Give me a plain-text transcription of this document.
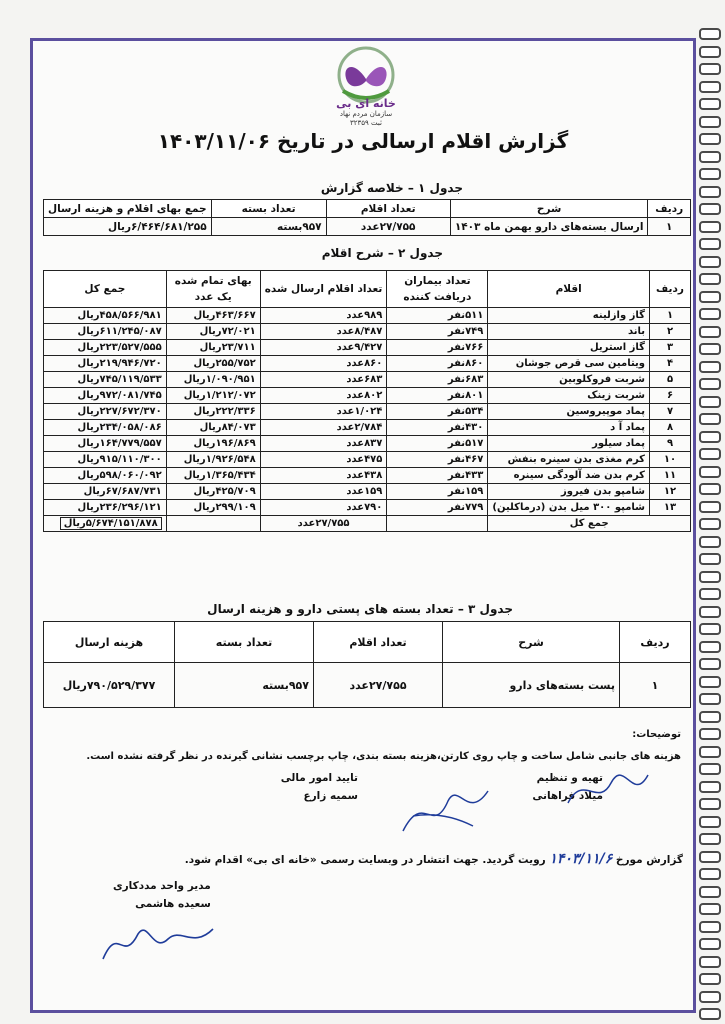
خانه ای بی
سازمان مردم نهاد
ثبت ۳۲۳۵۹
گزارش اقلام ارسالی در تاریخ ۱۴۰۳/۱۱/۰۶
جدول ۱ – خلاصه گزارش
ردیف	شرح	تعداد اقلام	تعداد بسته	جمع بهای اقلام و هزینه ارسال
۱	ارسال بسته‌های دارو بهمن ماه ۱۴۰۳	۲۷/۷۵۵عدد	۹۵۷بسته	۶/۴۶۴/۶۸۱/۲۵۵ریال
جدول ۲ – شرح اقلام
ردیف	اقلام	تعداد بیماران دریافت کننده	تعداد اقلام ارسال شده	بهای تمام شده یک عدد	جمع کل
۱	گاز وازلینه	۵۱۱نفر	۹۸۹عدد	۴۶۳/۶۶۷ریال	۴۵۸/۵۶۶/۹۸۱ریال
۲	باند	۷۴۹نفر	۸/۴۸۷عدد	۷۲/۰۲۱ریال	۶۱۱/۲۴۵/۰۸۷ریال
۳	گاز استریل	۷۶۶نفر	۹/۴۲۷عدد	۲۳/۷۱۱ریال	۲۲۳/۵۲۷/۵۵۵ریال
۴	ویتامین سی قرص جوشان	۸۶۰نفر	۸۶۰عدد	۲۵۵/۷۵۲ریال	۲۱۹/۹۴۶/۷۲۰ریال
۵	شربت فروکلوبین	۶۸۳نفر	۶۸۳عدد	۱/۰۹۰/۹۵۱ریال	۷۴۵/۱۱۹/۵۳۳ریال
۶	شربت زینک	۸۰۱نفر	۸۰۲عدد	۱/۲۱۲/۰۷۲ریال	۹۷۲/۰۸۱/۷۴۵ریال
۷	پماد موپیروسین	۵۳۴نفر	۱/۰۲۴عدد	۲۲۲/۳۳۶ریال	۲۲۷/۶۷۲/۳۷۰ریال
۸	پماد آ د	۴۳۰نفر	۲/۷۸۴عدد	۸۴/۰۷۳ریال	۲۳۴/۰۵۸/۰۸۶ریال
۹	پماد سیلور	۵۱۷نفر	۸۳۷عدد	۱۹۶/۸۶۹ریال	۱۶۴/۷۷۹/۵۵۷ریال
۱۰	کرم مغذی بدن سینره بنفش	۴۶۷نفر	۴۷۵عدد	۱/۹۲۶/۵۴۸ریال	۹۱۵/۱۱۰/۳۰۰ریال
۱۱	کرم بدن ضد آلودگی سینره	۴۳۳نفر	۴۳۸عدد	۱/۳۶۵/۴۳۴ریال	۵۹۸/۰۶۰/۰۹۲ریال
۱۲	شامپو بدن فیروز	۱۵۹نفر	۱۵۹عدد	۴۲۵/۷۰۹ریال	۶۷/۶۸۷/۷۳۱ریال
۱۳	شامپو ۳۰۰ میل بدن (درماکلین)	۷۷۹نفر	۷۹۰عدد	۲۹۹/۱۰۹ریال	۲۳۶/۲۹۶/۱۲۱ریال
جمع کل			۲۷/۷۵۵عدد		۵/۶۷۴/۱۵۱/۸۷۸ریال
جدول ۳ – تعداد بسته های پستی دارو و هزینه ارسال
ردیف	شرح	تعداد اقلام	تعداد بسته	هزینه ارسال
۱	پست بسته‌های دارو	۲۷/۷۵۵عدد	۹۵۷بسته	۷۹۰/۵۲۹/۳۷۷ریال
توضیحات:
هزینه های جانبی شامل ساخت و چاپ روی کارتن،هزینه بسته بندی، چاپ برچسب نشانی گیرنده در نظر گرفته نشده است.
تهیه و تنظیم
میلاد فراهانی
تایید امور مالی
سمیه زارع
گزارش مورخ ۱۴۰۳/۱۱/۶ رویت گردید. جهت انتشار در وبسایت رسمی «خانه ای بی» اقدام شود.
مدیر واحد مددکاری
سعیده هاشمی
